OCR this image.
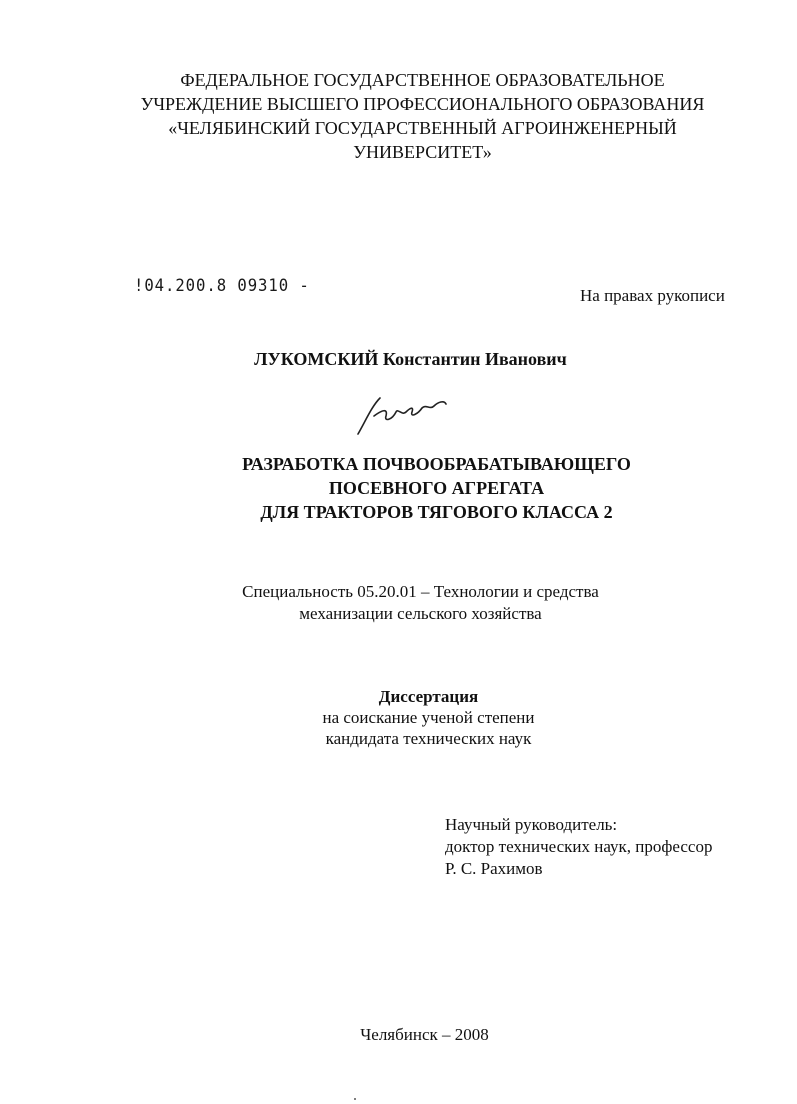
ФЕДЕРАЛЬНОЕ ГОСУДАРСТВЕННОЕ ОБРАЗОВАТЕЛЬНОЕ
УЧРЕЖДЕНИЕ ВЫСШЕГО ПРОФЕССИОНАЛЬНОГО ОБРАЗОВАНИЯ
«ЧЕЛЯБИНСКИЙ ГОСУДАРСТВЕННЫЙ АГРОИНЖЕНЕРНЫЙ
УНИВЕРСИТЕТ»
!04.200.8 09310 -	На правах рукописи
ЛУКОМСКИЙ Константин Иванович
РАЗРАБОТКА ПОЧВООБРАБАТЫВАЮЩЕГО
ПОСЕВНОГО АГРЕГАТА
ДЛЯ ТРАКТОРОВ ТЯГОВОГО КЛАССА 2
Специальность 05.20.01 – Технологии и средства
механизации сельского хозяйства
Диссертация
на соискание ученой степени
кандидата технических наук
Научный руководитель:
доктор технических наук, профессор
Р. С. Рахимов
Челябинск – 2008
